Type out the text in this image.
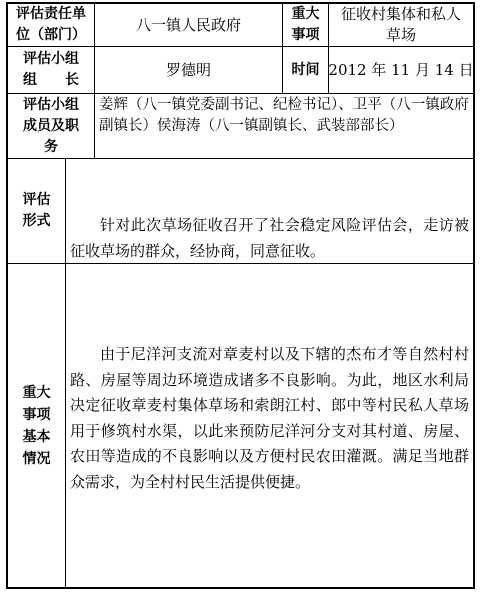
评估责任单位（部门）
八一镇人民政府
重大事项
征收村集体和私人草场
评估小组
组　　长
罗德明	时间 2012 年 11 月 14 日
评估小组成员及职务
姜辉（八一镇党委副书记、纪检书记）、卫平（八一镇政府副镇长）侯海涛（八一镇副镇长、武装部部长）
评估
形式	针对此次草场征收召开了社会稳定风险评估会，走访被征收草场的群众，经协商，同意征收。
重大
事项
基本
情况
由于尼洋河支流对章麦村以及下辖的杰布才等自然村村路、房屋等周边环境造成诸多不良影响。为此，地区水利局决定征收章麦村集体草场和索朗江村、郎中等村民私人草场用于修筑村水渠，以此来预防尼洋河分支对其村道、房屋、农田等造成的不良影响以及方便村民农田灌溉。满足当地群众需求，为全村村民生活提供便捷。
